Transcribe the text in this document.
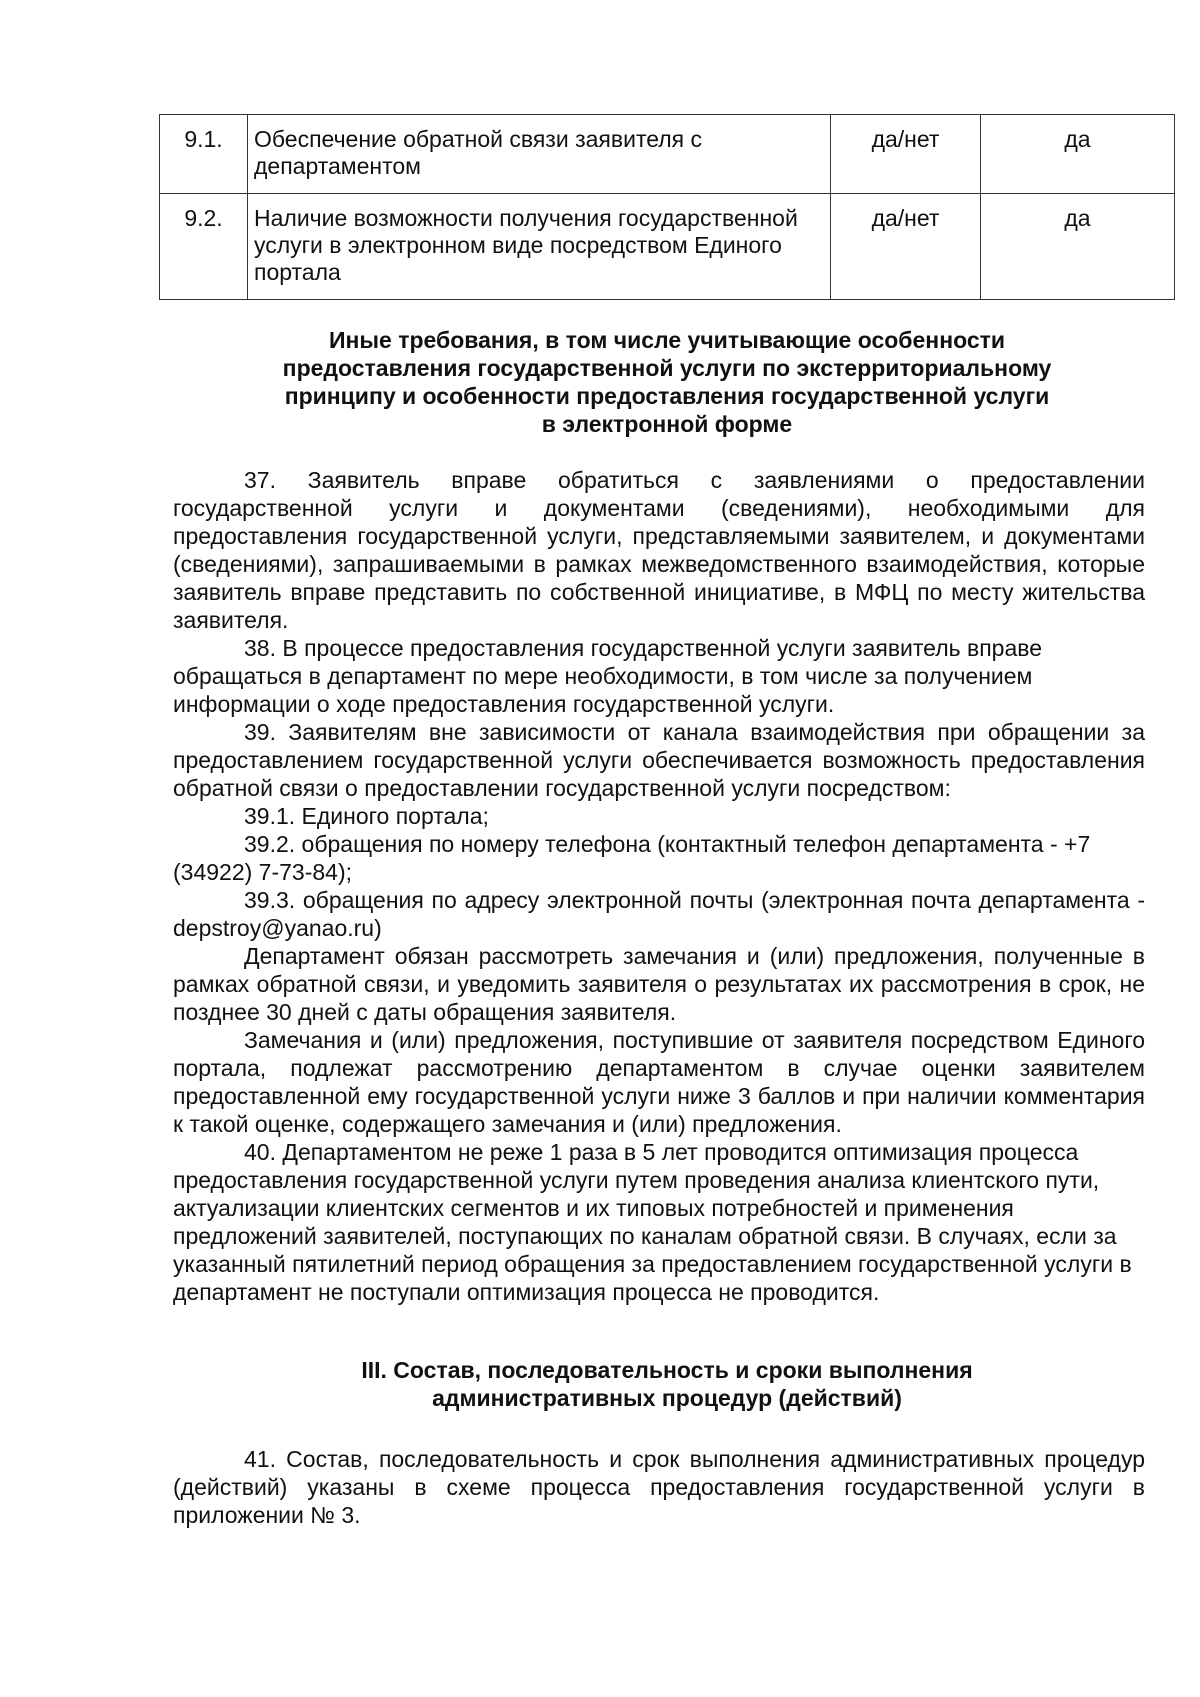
9.1.	Обеспечение обратной связи заявителя с департаментом	да/нет	да
9.2.	Наличие возможности получения государственной услуги в электронном виде посредством Единого портала	да/нет	да
Иные требования, в том числе учитывающие особенности
предоставления государственной услуги по экстерриториальному
принципу и особенности предоставления государственной услуги
в электронной форме

37. Заявитель вправе обратиться с заявлениями о предоставлении государственной услуги и документами (сведениями), необходимыми для предоставления государственной услуги, представляемыми заявителем, и документами (сведениями), запрашиваемыми в рамках межведомственного взаимодействия, которые заявитель вправе представить по собственной инициативе, в МФЦ по месту жительства заявителя.

38. В процессе предоставления государственной услуги заявитель вправе обращаться в департамент по мере необходимости, в том числе за получением информации о ходе предоставления государственной услуги.

39. Заявителям вне зависимости от канала взаимодействия при обращении за предоставлением государственной услуги обеспечивается возможность предоставления обратной связи о предоставлении государственной услуги посредством:

39.1. Единого портала;

39.2. обращения по номеру телефона (контактный телефон департамента - +7 (34922) 7-73-84);

39.3. обращения по адресу электронной почты (электронная почта департамента - depstroy@yanao.ru)

Департамент обязан рассмотреть замечания и (или) предложения, полученные в рамках обратной связи, и уведомить заявителя о результатах их рассмотрения в срок, не позднее 30 дней с даты обращения заявителя.

Замечания и (или) предложения, поступившие от заявителя посредством Единого портала, подлежат рассмотрению департаментом в случае оценки заявителем предоставленной ему государственной услуги ниже 3 баллов и при наличии комментария к такой оценке, содержащего замечания и (или) предложения.

40. Департаментом не реже 1 раза в 5 лет проводится оптимизация процесса предоставления государственной услуги путем проведения анализа клиентского пути, актуализации клиентских сегментов и их типовых потребностей и применения предложений заявителей, поступающих по каналам обратной связи. В случаях, если за указанный пятилетний период обращения за предоставлением государственной услуги в департамент не поступали оптимизация процесса не проводится.

III. Состав, последовательность и сроки выполнения
административных процедур (действий)

41. Состав, последовательность и срок выполнения административных процедур (действий) указаны в схеме процесса предоставления государственной услуги в приложении № 3.
